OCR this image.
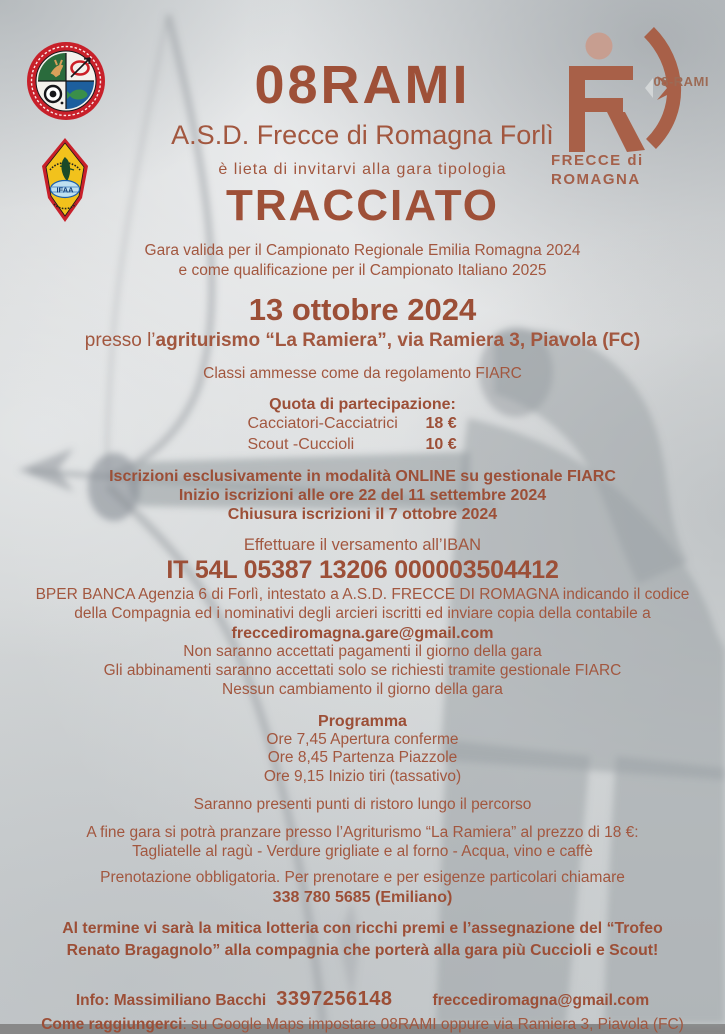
IFAA
08-RAMI
FRECCE di
ROMAGNA
08RAMI
A.S.D. Frecce di Romagna Forlì
è lieta di invitarvi alla gara tipologia
TRACCIATO
Gara valida per il Campionato Regionale Emilia Romagna 2024
e come qualificazione per il Campionato Italiano 2025
13 ottobre 2024
presso l’agriturismo “La Ramiera”, via Ramiera 3, Piavola (FC)
Classi ammesse come da regolamento FIARC
Quota di partecipazione:
Cacciatori-Cacciatrici	18 €
Scout -Cuccioli	10 €
Iscrizioni esclusivamente in modalità ONLINE su gestionale FIARC
Inizio iscrizioni alle ore 22 del 11 settembre 2024
Chiusura iscrizioni il 7 ottobre 2024
Effettuare il versamento all’IBAN
IT 54L 05387 13206 000003504412
BPER BANCA Agenzia 6 di Forlì, intestato a A.S.D. FRECCE DI ROMAGNA indicando il codice
della Compagnia ed i nominativi degli arcieri iscritti ed inviare copia della contabile a
freccediromagna.gare@gmail.com
Non saranno accettati pagamenti il giorno della gara
Gli abbinamenti saranno accettati solo se richiesti tramite gestionale FIARC
Nessun cambiamento il giorno della gara
Programma
Ore 7,45 Apertura conferme
Ore 8,45 Partenza Piazzole
Ore 9,15 Inizio tiri (tassativo)
Saranno presenti punti di ristoro lungo il percorso
A fine gara si potrà pranzare presso l’Agriturismo “La Ramiera” al prezzo di 18 €:
Tagliatelle al ragù - Verdure grigliate e al forno - Acqua, vino e caffè
Prenotazione obbligatoria. Per prenotare e per esigenze particolari chiamare
338 780 5685 (Emiliano)
Al termine vi sarà la mitica lotteria con ricchi premi e l’assegnazione del “Trofeo Renato Bragagnolo” alla compagnia che porterà alla gara più Cuccioli e Scout!
Info: Massimiliano Bacchi 3397256148	freccediromagna@gmail.com
Come raggiungerci: su Google Maps impostare 08RAMI oppure via Ramiera 3, Piavola (FC)
